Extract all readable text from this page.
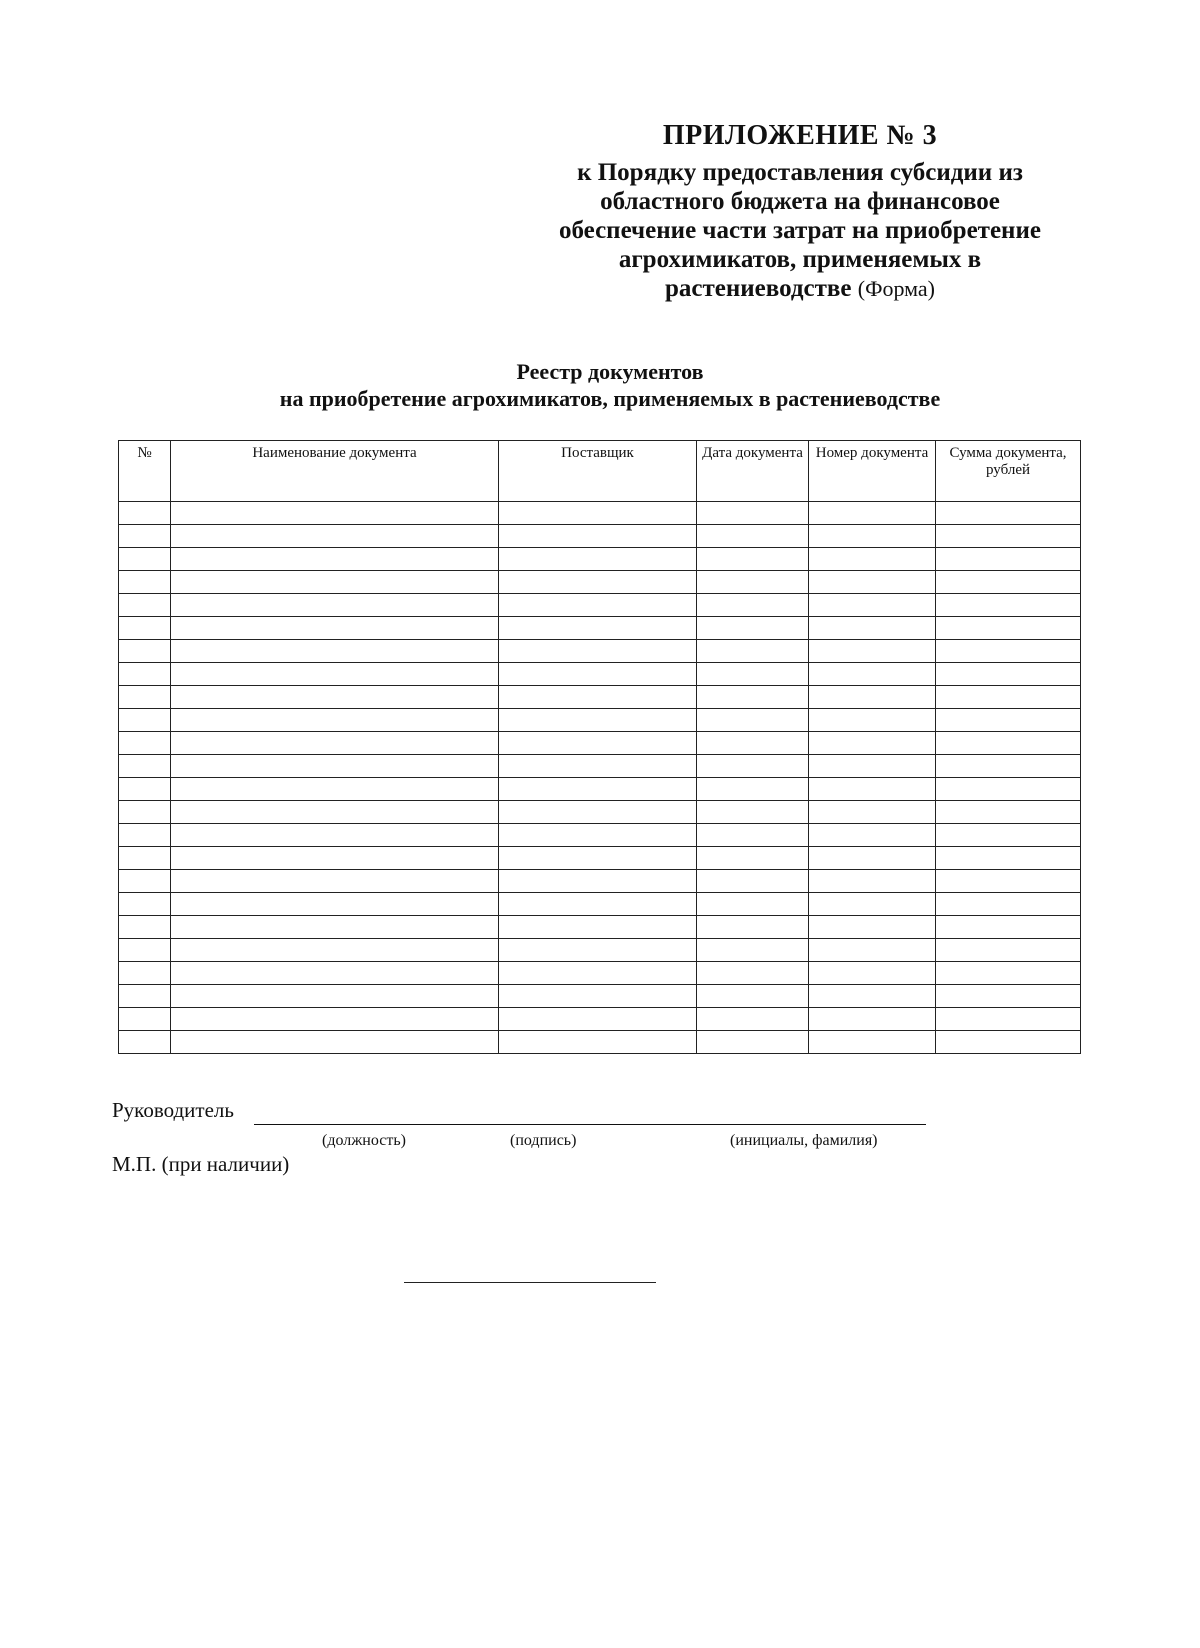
ПРИЛОЖЕНИЕ № 3
к Порядку предоставления субсидии из
областного бюджета на финансовое
обеспечение части затрат на приобретение
агрохимикатов, применяемых в
растениеводстве (Форма)
Реестр документов
на приобретение агрохимикатов, применяемых в растениеводстве
№	Наименование документа	Поставщик	Дата документа	Номер документа	Сумма документа, рублей

Руководитель
(должность)	(подпись)	(инициалы, фамилия)
М.П. (при наличии)
